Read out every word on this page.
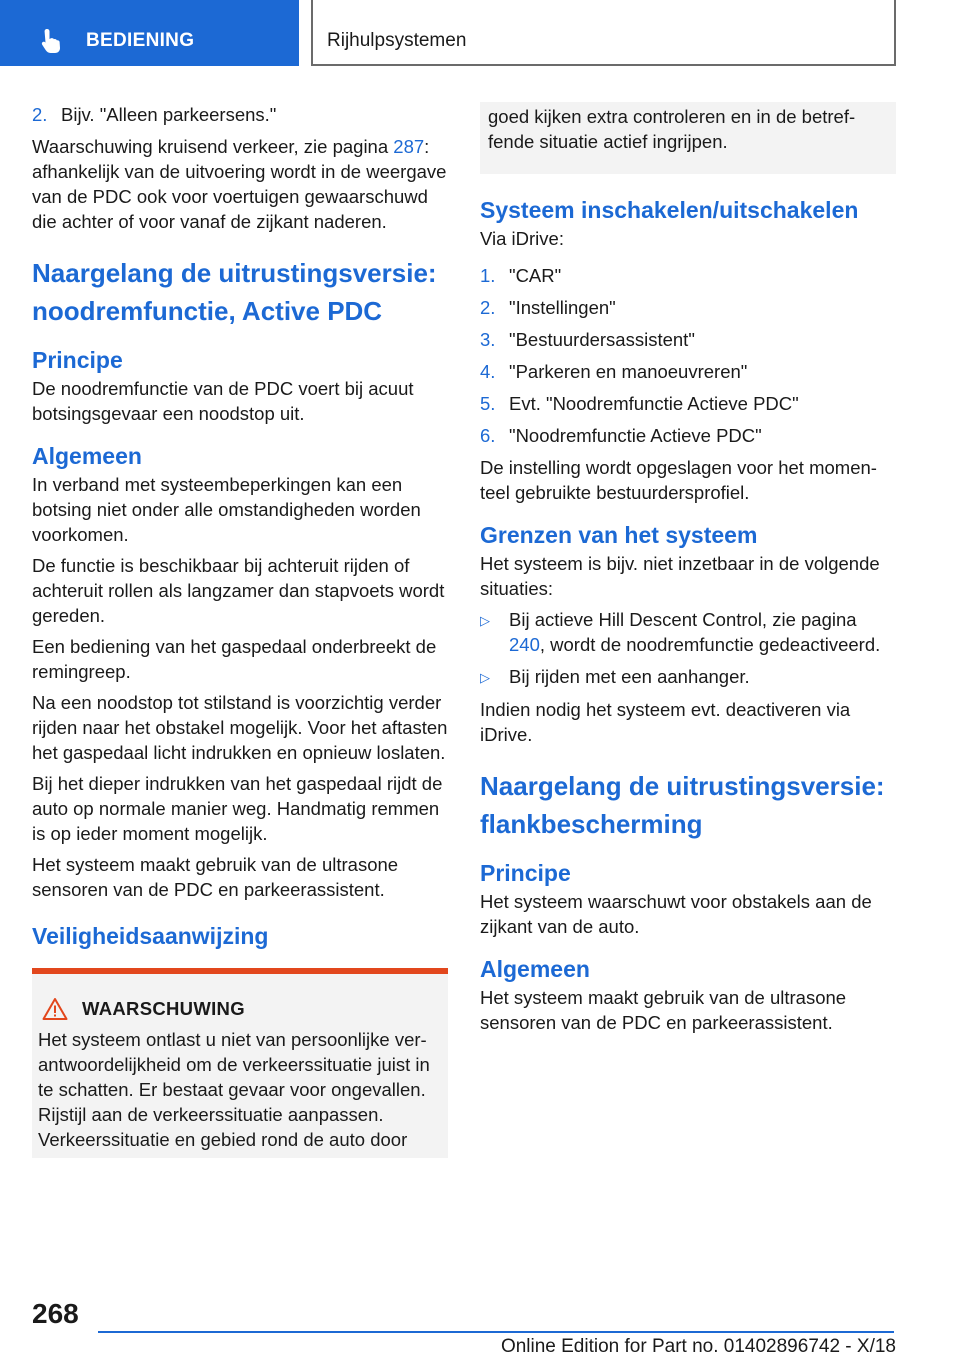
BEDIENING	Rijhulpsystemen
2. Bijv. "Alleen parkeersens."

Waarschuwing kruisend verkeer, zie pagina 287: afhankelijk van de uitvoering wordt in de weergave van de PDC ook voor voertuigen gewaarschuwd die achter of voor vanaf de zijkant naderen.

Naargelang de uitrustingsversie: noodremfunctie, Active PDC
Principe

De noodremfunctie van de PDC voert bij acuut botsingsgevaar een noodstop uit.

Algemeen

In verband met systeembeperkingen kan een botsing niet onder alle omstandigheden worden voorkomen.

De functie is beschikbaar bij achteruit rijden of achteruit rollen als langzamer dan stapvoets wordt gereden.

Een bediening van het gaspedaal onderbreekt de remingreep.

Na een noodstop tot stilstand is voorzichtig verder rijden naar het obstakel mogelijk. Voor het aftasten het gaspedaal licht indrukken en opnieuw loslaten.

Bij het dieper indrukken van het gaspedaal rijdt de auto op normale manier weg. Handmatig remmen is op ieder moment mogelijk.

Het systeem maakt gebruik van de ultrasone sensoren van de PDC en parkeerassistent.

Veiligheidsaanwijzing
WAARSCHUWING
Het systeem ontlast u niet van persoonlijke verantwoordelijkheid om de verkeerssituatie juist in te schatten. Er bestaat gevaar voor ongevallen. Rijstijl aan de verkeerssituatie aanpassen. Verkeerssituatie en gebied rond de auto door
goed kijken extra controleren en in de betreffende situatie actief ingrijpen.
Systeem inschakelen/uitschakelen

Via iDrive:

1. "CAR"
2. "Instellingen"
3. "Bestuurdersassistent"
4. "Parkeren en manoeuvreren"
5. Evt. "Noodremfunctie Actieve PDC"
6. "Noodremfunctie Actieve PDC"

De instelling wordt opgeslagen voor het momenteel gebruikte bestuurdersprofiel.

Grenzen van het systeem

Het systeem is bijv. niet inzetbaar in de volgende situaties:

▷	Bij actieve Hill Descent Control, zie pagina 240, wordt de noodremfunctie gedeactiveerd.
▷	Bij rijden met een aanhanger.

Indien nodig het systeem evt. deactiveren via iDrive.

Naargelang de uitrustingsversie: flankbescherming
Principe

Het systeem waarschuwt voor obstakels aan de zijkant van de auto.

Algemeen

Het systeem maakt gebruik van de ultrasone sensoren van de PDC en parkeerassistent.

268
Online Edition for Part no. 01402896742 - X/18
